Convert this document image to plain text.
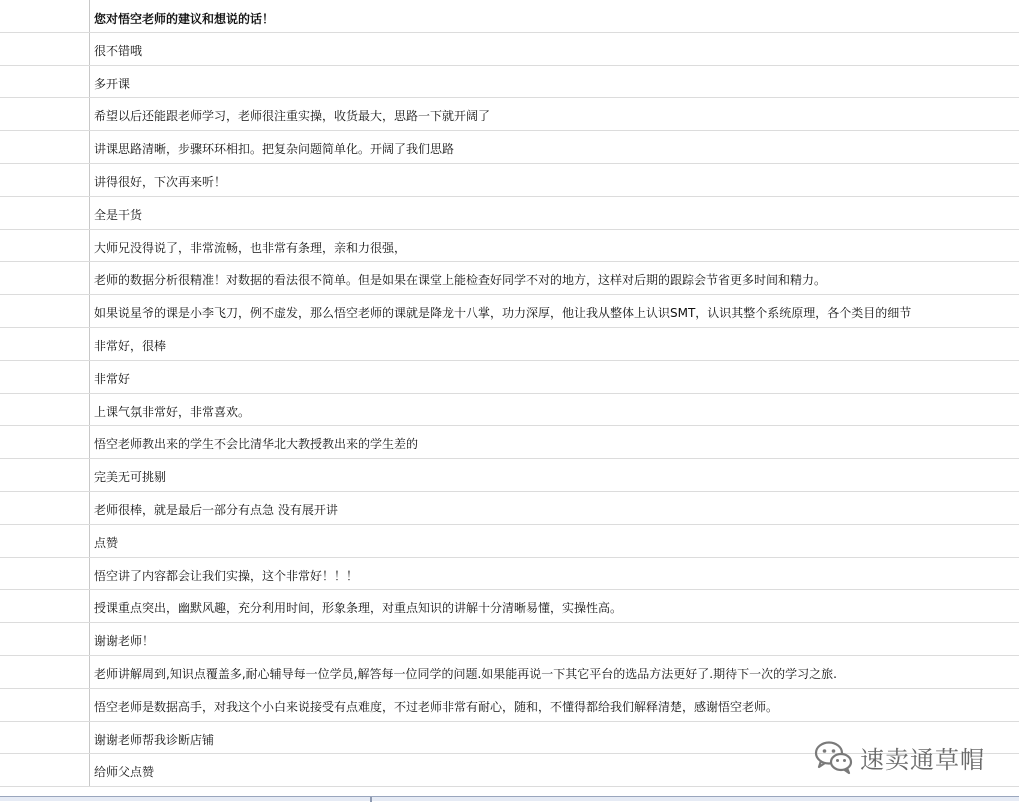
您对悟空老师的建议和想说的话！
很不错哦
多开课
希望以后还能跟老师学习，老师很注重实操，收货最大，思路一下就开阔了
讲课思路清晰，步骤环环相扣。把复杂问题简单化。开阔了我们思路
讲得很好，下次再来听！
全是干货
大师兄没得说了，非常流畅，也非常有条理，亲和力很强，
老师的数据分析很精准！对数据的看法很不简单。但是如果在课堂上能检查好同学不对的地方，这样对后期的跟踪会节省更多时间和精力。
如果说星爷的课是小李飞刀，例不虚发，那么悟空老师的课就是降龙十八掌，功力深厚，他让我从整体上认识SMT，认识其整个系统原理，各个类目的细节
非常好，很棒
非常好
上课气氛非常好，非常喜欢。
悟空老师教出来的学生不会比清华北大教授教出来的学生差的
完美无可挑剔
老师很棒，就是最后一部分有点急 没有展开讲
点赞
悟空讲了内容都会让我们实操，这个非常好！！！
授课重点突出，幽默风趣，充分利用时间，形象条理，对重点知识的讲解十分清晰易懂，实操性高。
谢谢老师！
老师讲解周到,知识点覆盖多,耐心辅导每一位学员,解答每一位同学的问题.如果能再说一下其它平台的选品方法更好了.期待下一次的学习之旅.
悟空老师是数据高手，对我这个小白来说接受有点难度，不过老师非常有耐心，随和，不懂得都给我们解释清楚，感谢悟空老师。
谢谢老师帮我诊断店铺
给师父点赞	速卖通草帽
